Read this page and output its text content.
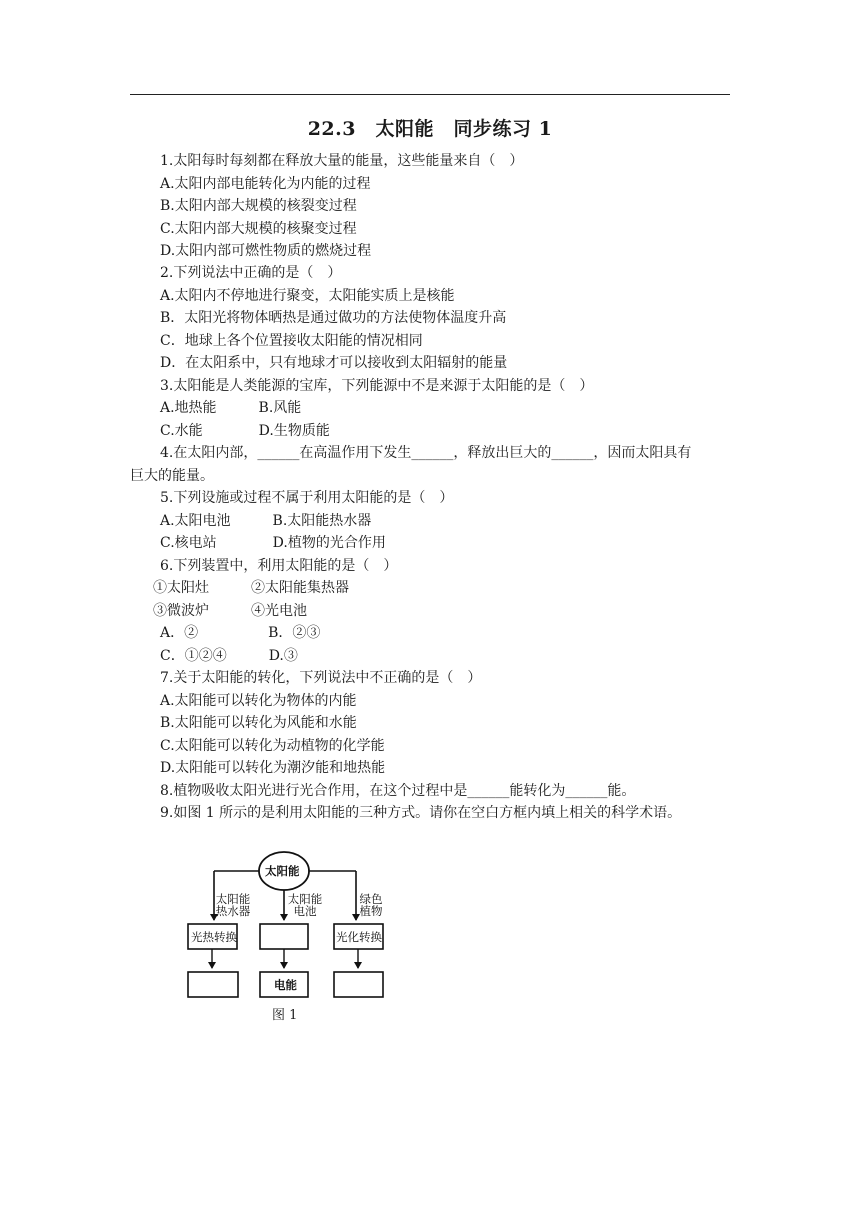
22.3　太阳能　同步练习 1
1.太阳每时每刻都在释放大量的能量，这些能量来自（　）
A.太阳内部电能转化为内能的过程
B.太阳内部大规模的核裂变过程
C.太阳内部大规模的核聚变过程
D.太阳内部可燃性物质的燃烧过程
2.下列说法中正确的是（　）
A.太阳内不停地进行聚变，太阳能实质上是核能
B．太阳光将物体晒热是通过做功的方法使物体温度升高
C．地球上各个位置接收太阳能的情况相同
D．在太阳系中，只有地球才可以接收到太阳辐射的能量
3.太阳能是人类能源的宝库，下列能源中不是来源于太阳能的是（　）
A.地热能　　　B.风能
C.水能　　　　D.生物质能
4.在太阳内部，______在高温作用下发生______，释放出巨大的______，因而太阳具有
巨大的能量。
5.下列设施或过程不属于利用太阳能的是（　）
A.太阳电池　　　B.太阳能热水器
C.核电站　　　　D.植物的光合作用
6.下列装置中，利用太阳能的是（　）
①太阳灶　　　②太阳能集热器
③微波炉　　　④光电池
A．②　　　　　B．②③
C．①②④　　　D.③
7.关于太阳能的转化，下列说法中不正确的是（　）
A.太阳能可以转化为物体的内能
B.太阳能可以转化为风能和水能
C.太阳能可以转化为动植物的化学能
D.太阳能可以转化为潮汐能和地热能
8.植物吸收太阳光进行光合作用，在这个过程中是______能转化为______能。
9.如图 1 所示的是利用太阳能的三种方式。请你在空白方框内填上相关的科学术语。
太阳能
太阳能热水器
太阳能电池
绿色植物
光热转换	光化转换
电能
图 1
